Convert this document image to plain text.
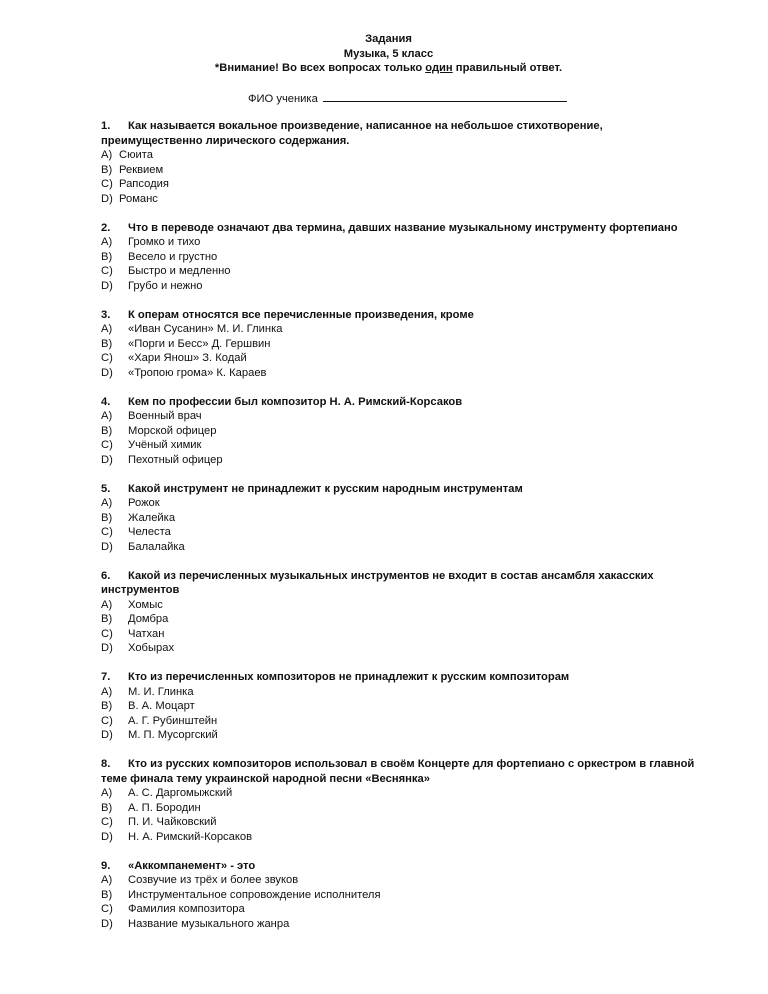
Задания
Музыка, 5 класс
*Внимание! Во всех вопросах только один правильный ответ.
ФИО ученика
1.	Как называется вокальное произведение, написанное на небольшое стихотворение,
преимущественно лирического содержания.
A) Сюита
B) Реквием
C) Рапсодия
D) Романс
2.	Что в переводе означают два термина, давших название музыкальному инструменту фортепиано
A)	Громко и тихо
B)	Весело и грустно
C)	Быстро и медленно
D)	Грубо и нежно
3.	К операм относятся все перечисленные произведения, кроме
A)	«Иван Сусанин» М. И. Глинка
B)	«Порги и Бесс» Д. Гершвин
C)	«Хари Янош» З. Кодай
D)	«Тропою грома» К. Караев
4.	Кем по профессии был композитор Н. А. Римский-Корсаков
A)	Военный врач
B)	Морской офицер
C)	Учёный химик
D)	Пехотный офицер
5.	Какой инструмент не принадлежит к русским народным инструментам
A)	Рожок
B)	Жалейка
C)	Челеста
D)	Балалайка
6.	Какой из перечисленных музыкальных инструментов не входит в состав ансамбля хакасских
инструментов
A)	Хомыс
B)	Домбра
C)	Чатхан
D)	Хобырах
7.	Кто из перечисленных композиторов не принадлежит к русским композиторам
A)	М. И. Глинка
B)	В. А. Моцарт
C)	А. Г. Рубинштейн
D)	М. П. Мусоргский
8.	Кто из русских композиторов использовал в своём Концерте для фортепиано с оркестром в главной
теме финала тему украинской народной песни «Веснянка»
A)	А. С. Даргомыжский
B)	А. П. Бородин
C)	П. И. Чайковский
D)	Н. А. Римский-Корсаков
9.	«Аккомпанемент» - это
A)	Созвучие из трёх и более звуков
B)	Инструментальное сопровождение исполнителя
C)	Фамилия композитора
D)	Название музыкального жанра
